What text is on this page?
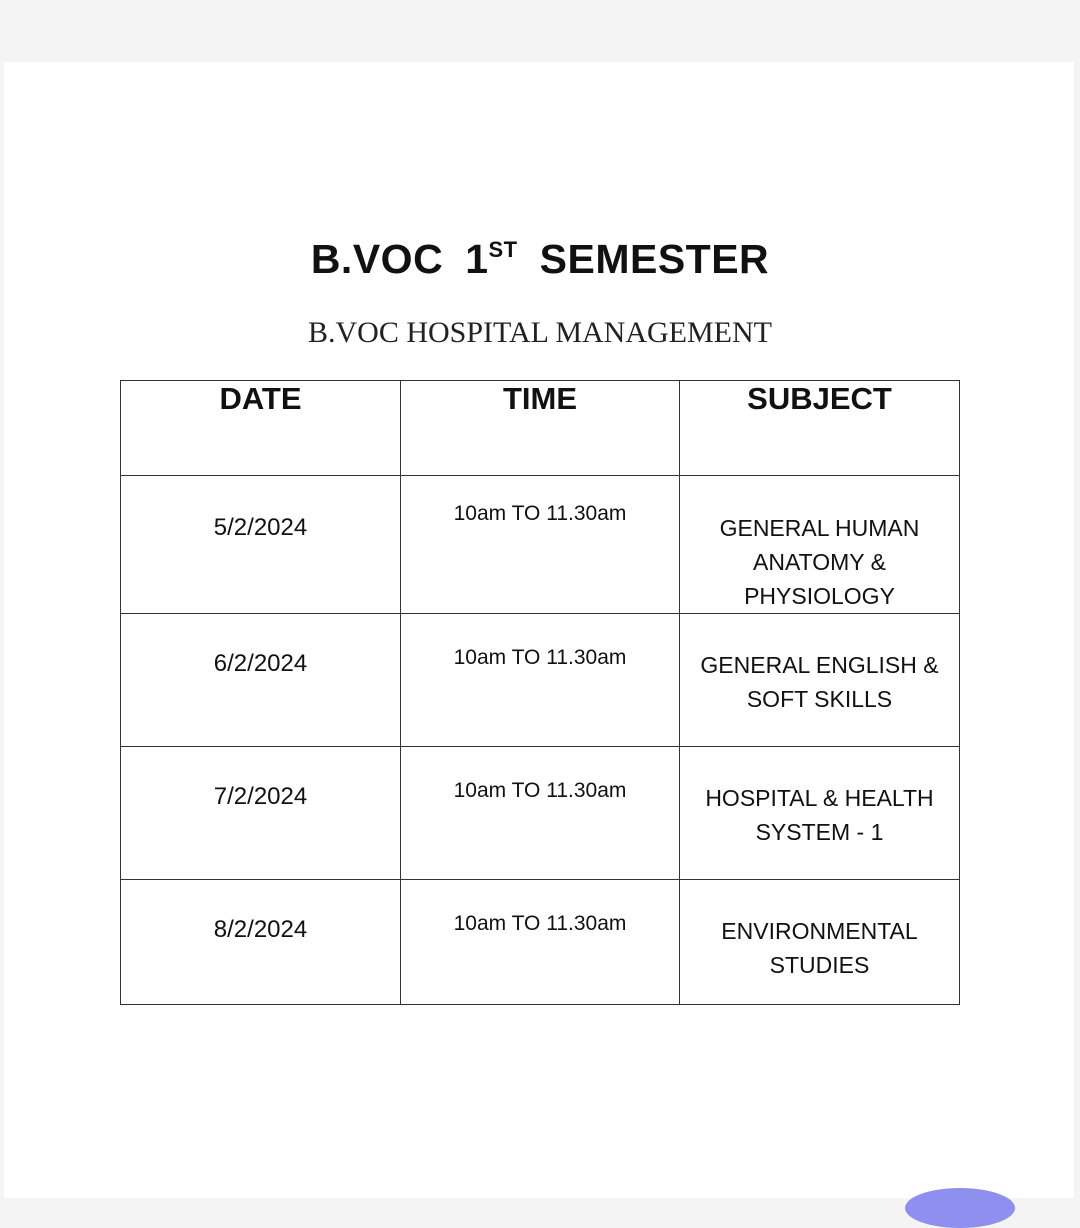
B.VOC 1ST SEMESTER
B.VOC HOSPITAL MANAGEMENT
DATE	TIME	SUBJECT

5/2/2024	10am TO 11.30am	GENERAL HUMAN ANATOMY & PHYSIOLOGY

6/2/2024	10am TO 11.30am	GENERAL ENGLISH & SOFT SKILLS

7/2/2024	10am TO 11.30am	HOSPITAL & HEALTH SYSTEM - 1

8/2/2024	10am TO 11.30am	ENVIRONMENTAL STUDIES
